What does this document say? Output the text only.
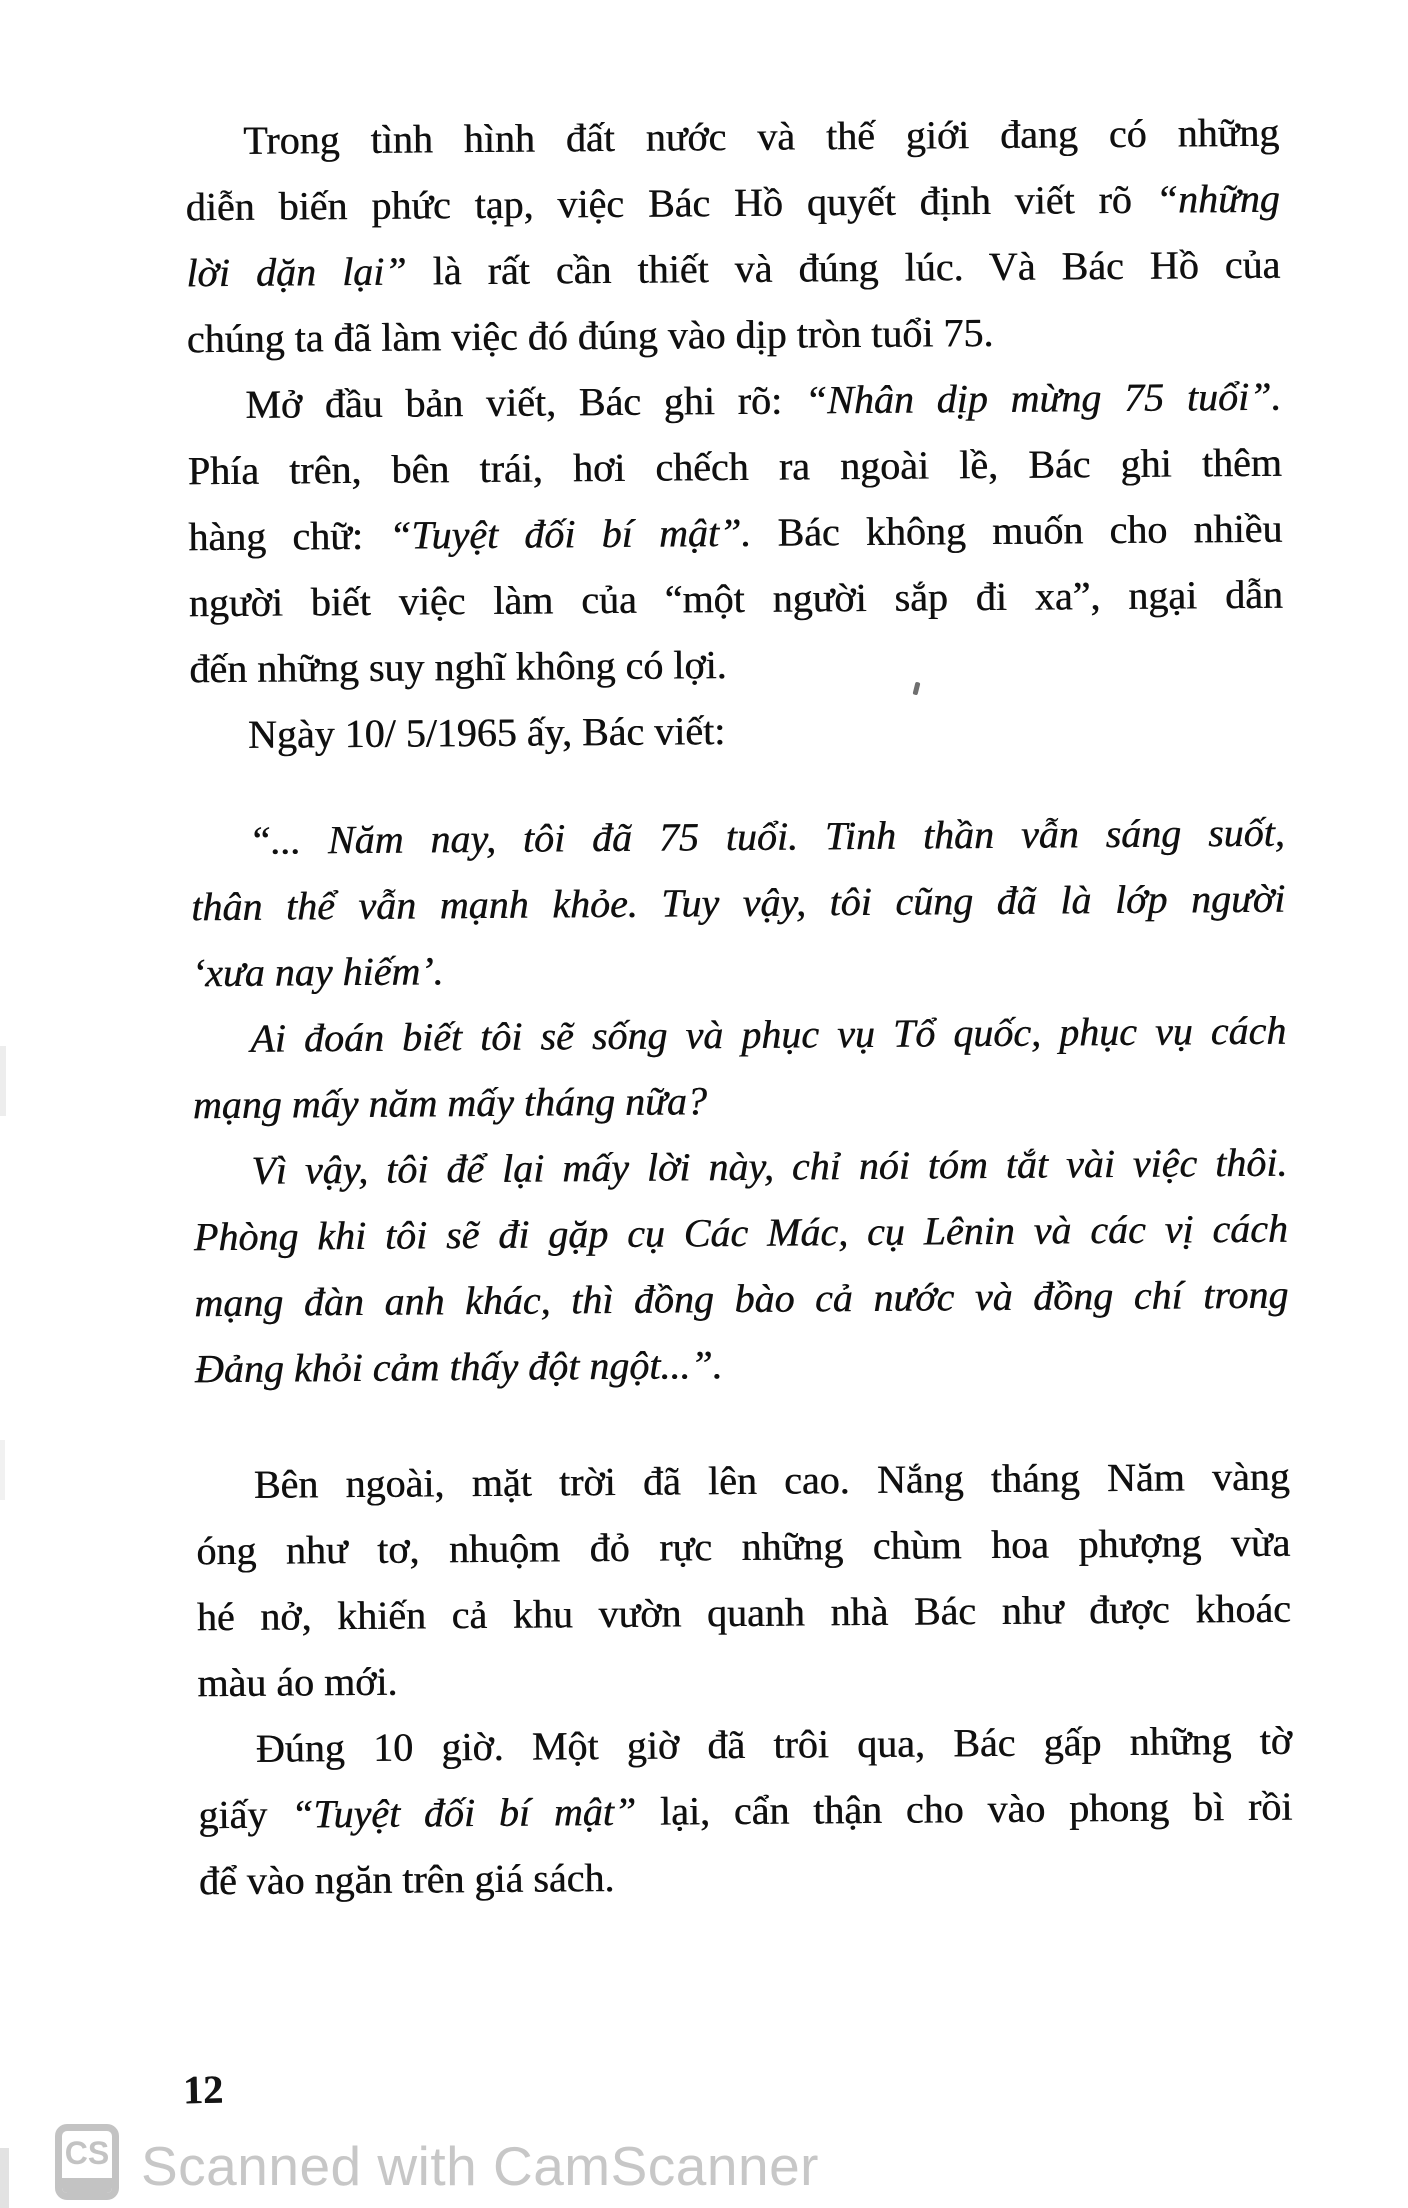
Trong tình hình đất nước và thế giới đang có những
diễn biến phức tạp, việc Bác Hồ quyết định viết rõ “những
lời dặn lại” là rất cần thiết và đúng lúc. Và Bác Hồ của
chúng ta đã làm việc đó đúng vào dịp tròn tuổi 75.
Mở đầu bản viết, Bác ghi rõ: “Nhân dịp mừng 75 tuổi”.
Phía trên, bên trái, hơi chếch ra ngoài lề, Bác ghi thêm
hàng chữ: “Tuyệt đối bí mật”. Bác không muốn cho nhiều
người biết việc làm của “một người sắp đi xa”, ngại dẫn
đến những suy nghĩ không có lợi.
Ngày 10/ 5/1965 ấy, Bác viết:
“... Năm nay, tôi đã 75 tuổi. Tinh thần vẫn sáng suốt,
thân thể vẫn mạnh khỏe. Tuy vậy, tôi cũng đã là lớp người
‘xưa nay hiếm’.
Ai đoán biết tôi sẽ sống và phục vụ Tổ quốc, phục vụ cách
mạng mấy năm mấy tháng nữa?
Vì vậy, tôi để lại mấy lời này, chỉ nói tóm tắt vài việc thôi.
Phòng khi tôi sẽ đi gặp cụ Các Mác, cụ Lênin và các vị cách
mạng đàn anh khác, thì đồng bào cả nước và đồng chí trong
Đảng khỏi cảm thấy đột ngột...”.
Bên ngoài, mặt trời đã lên cao. Nắng tháng Năm vàng
óng như tơ, nhuộm đỏ rực những chùm hoa phượng vừa
hé nở, khiến cả khu vườn quanh nhà Bác như được khoác
màu áo mới.
Đúng 10 giờ. Một giờ đã trôi qua, Bác gấp những tờ
giấy “Tuyệt đối bí mật” lại, cẩn thận cho vào phong bì rồi
để vào ngăn trên giá sách.
12
CS Scanned with CamScanner
